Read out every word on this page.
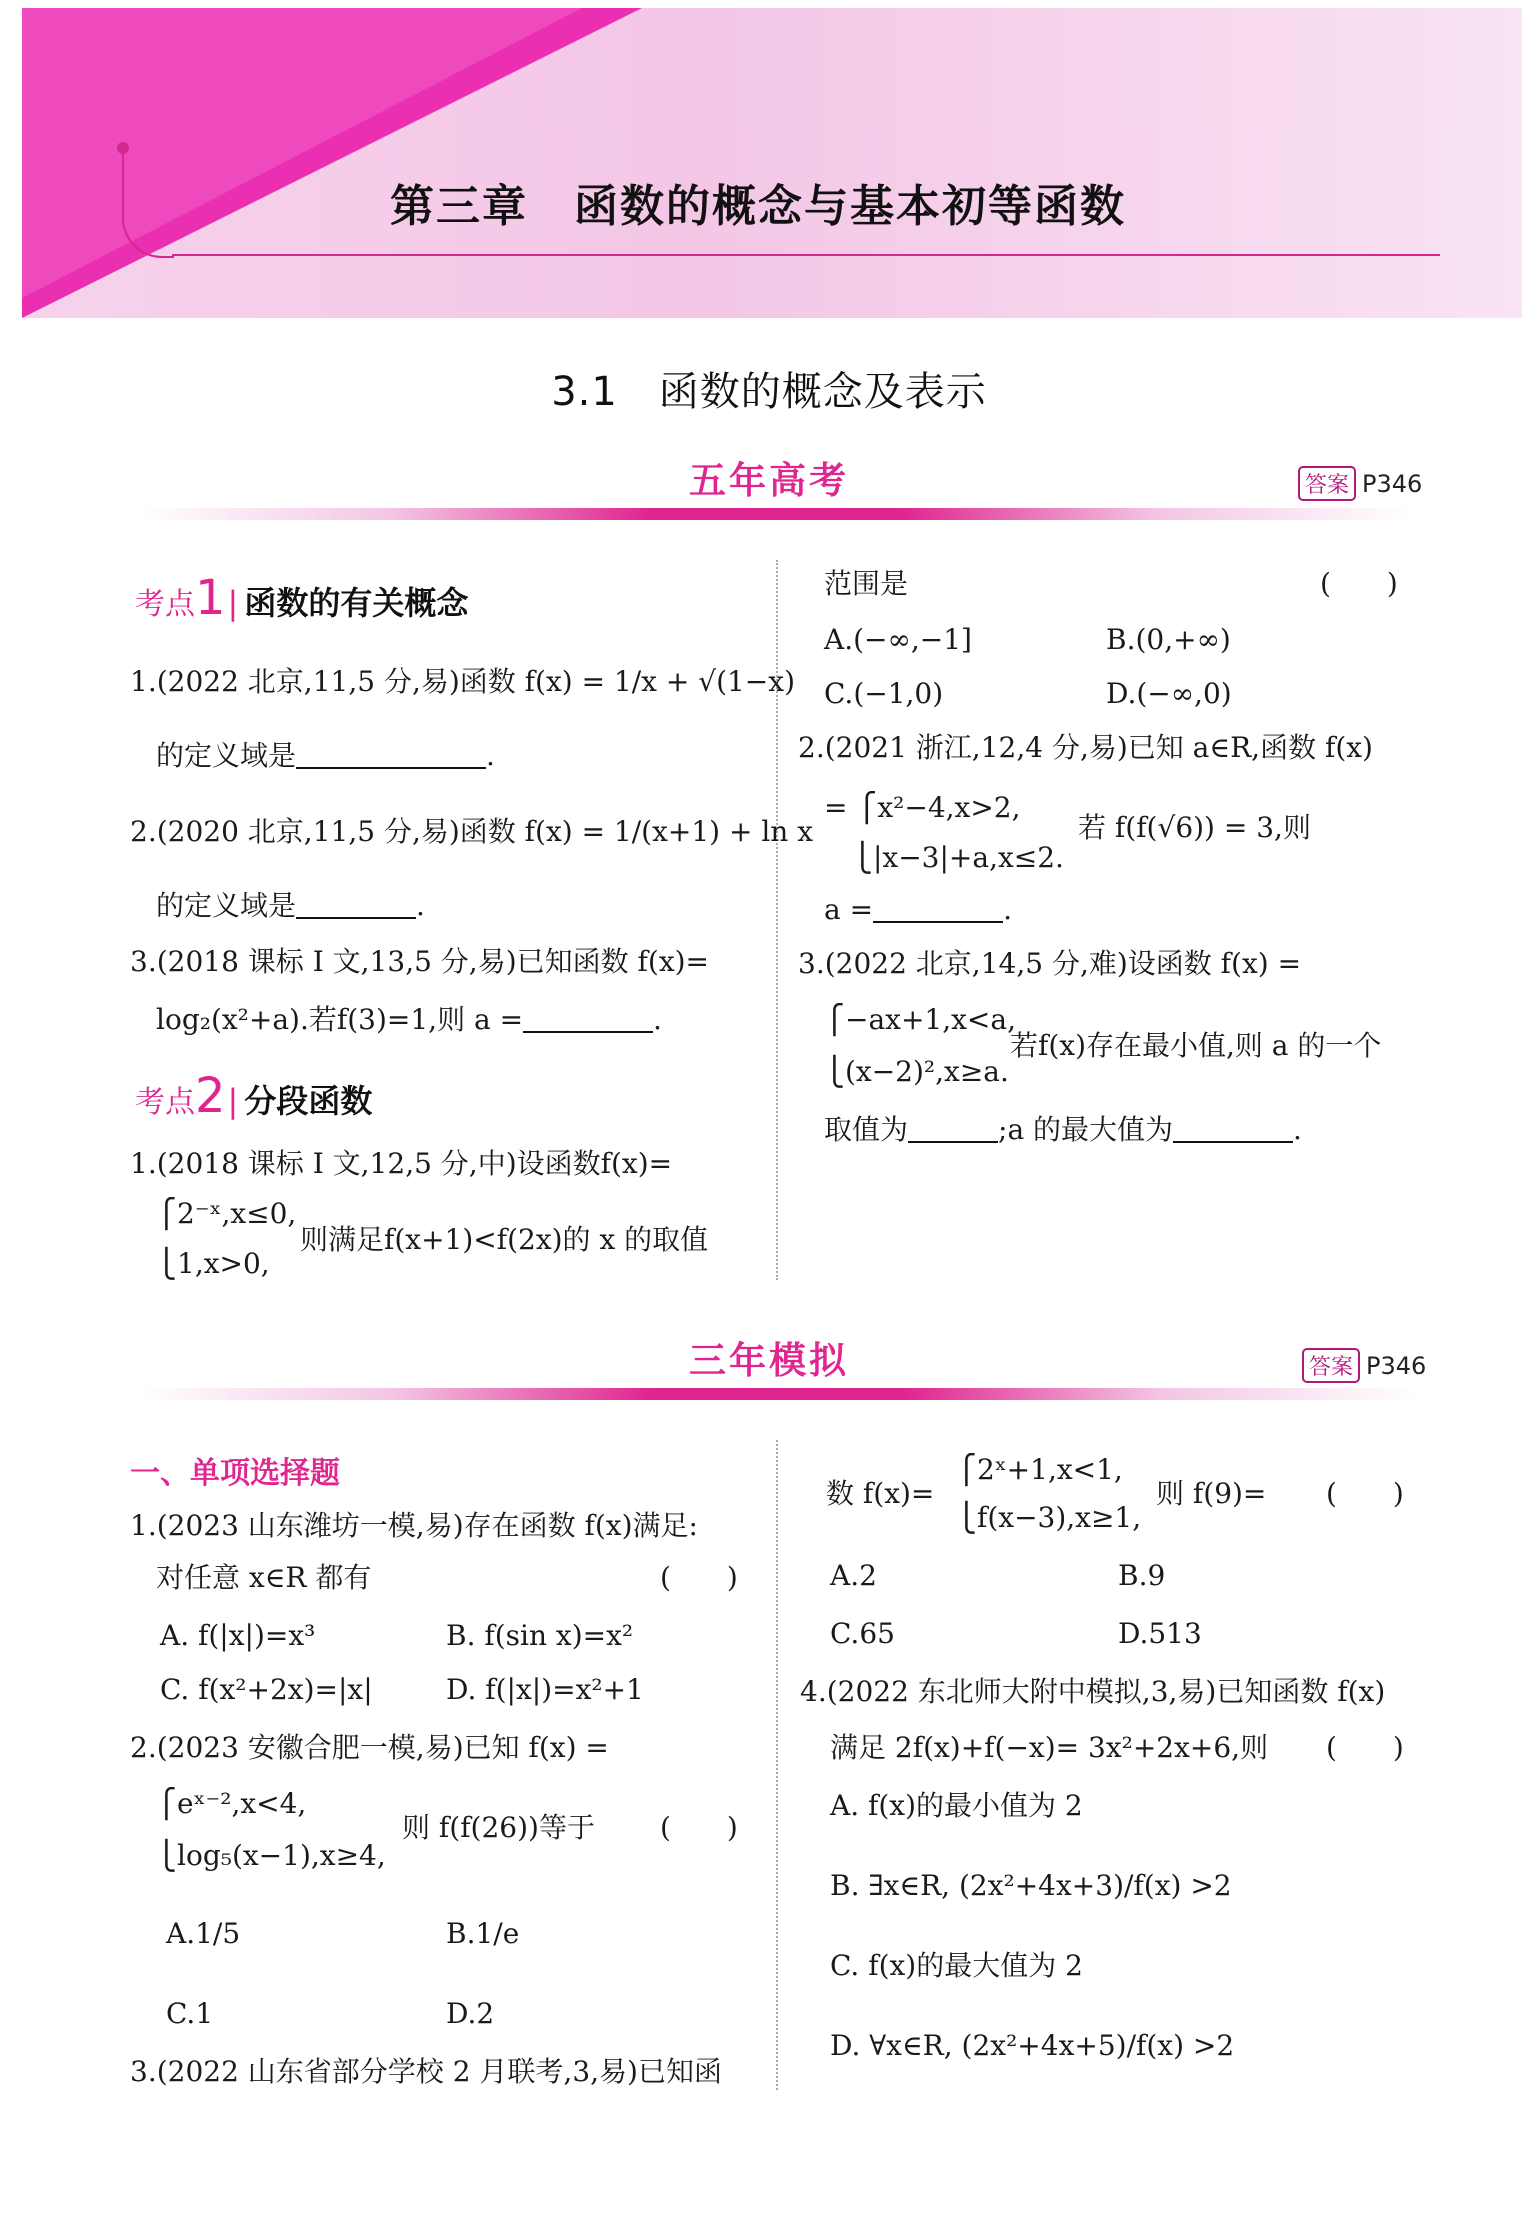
第三章　函数的概念与基本初等函数
3.1　函数的概念及表示
五年高考	答案 P346
考点1| 函数的有关概念
1.(2022 北京,11,5 分,易)函数 f(x) = 1/x + √(1−x)
的定义域是	.
2.(2020 北京,11,5 分,易)函数 f(x) = 1/(x+1) + ln x
的定义域是	.
3.(2018 课标 Ⅰ 文,13,5 分,易)已知函数 f(x)=
log₂(x²+a).若f(3)=1,则 a =	.
考点2| 分段函数
1.(2018 课标 Ⅰ 文,12,5 分,中)设函数f(x)=
⎧2⁻ˣ,x≤0,
⎩1,x>0,
则满足f(x+1)<f(2x)的 x 的取值
范围是	(　　)
A.(−∞,−1]	B.(0,+∞)
C.(−1,0)	D.(−∞,0)
2.(2021 浙江,12,4 分,易)已知 a∈R,函数 f(x)
= ⎧x²−4,x>2,
　⎩|x−3|+a,x≤2.
若 f(f(√6)) = 3,则
a =	.
3.(2022 北京,14,5 分,难)设函数 f(x) =
⎧−ax+1,x<a,
⎩(x−2)²,x≥a.
若f(x)存在最小值,则 a 的一个
取值为	;a 的最大值为	.
三年模拟	答案 P346
一、单项选择题
1.(2023 山东潍坊一模,易)存在函数 f(x)满足:
对任意 x∈R 都有	(　　)
A. f(|x|)=x³	B. f(sin x)=x²
C. f(x²+2x)=|x|	D. f(|x|)=x²+1
2.(2023 安徽合肥一模,易)已知 f(x) =
⎧eˣ⁻²,x<4,
⎩log₅(x−1),x≥4,
则 f(f(26))等于 (　　)
A.1/5	B.1/e
C.1	D.2
3.(2022 山东省部分学校 2 月联考,3,易)已知函
数 f(x)=
⎧2ˣ+1,x<1,
⎩f(x−3),x≥1,
则 f(9)= (　　)
A.2	B.9
C.65	D.513
4.(2022 东北师大附中模拟,3,易)已知函数 f(x)
满足 2f(x)+f(−x)= 3x²+2x+6,则 (　　)
A. f(x)的最小值为 2
B. ∃x∈R, (2x²+4x+3)/f(x) >2
C. f(x)的最大值为 2
D. ∀x∈R, (2x²+4x+5)/f(x) >2
